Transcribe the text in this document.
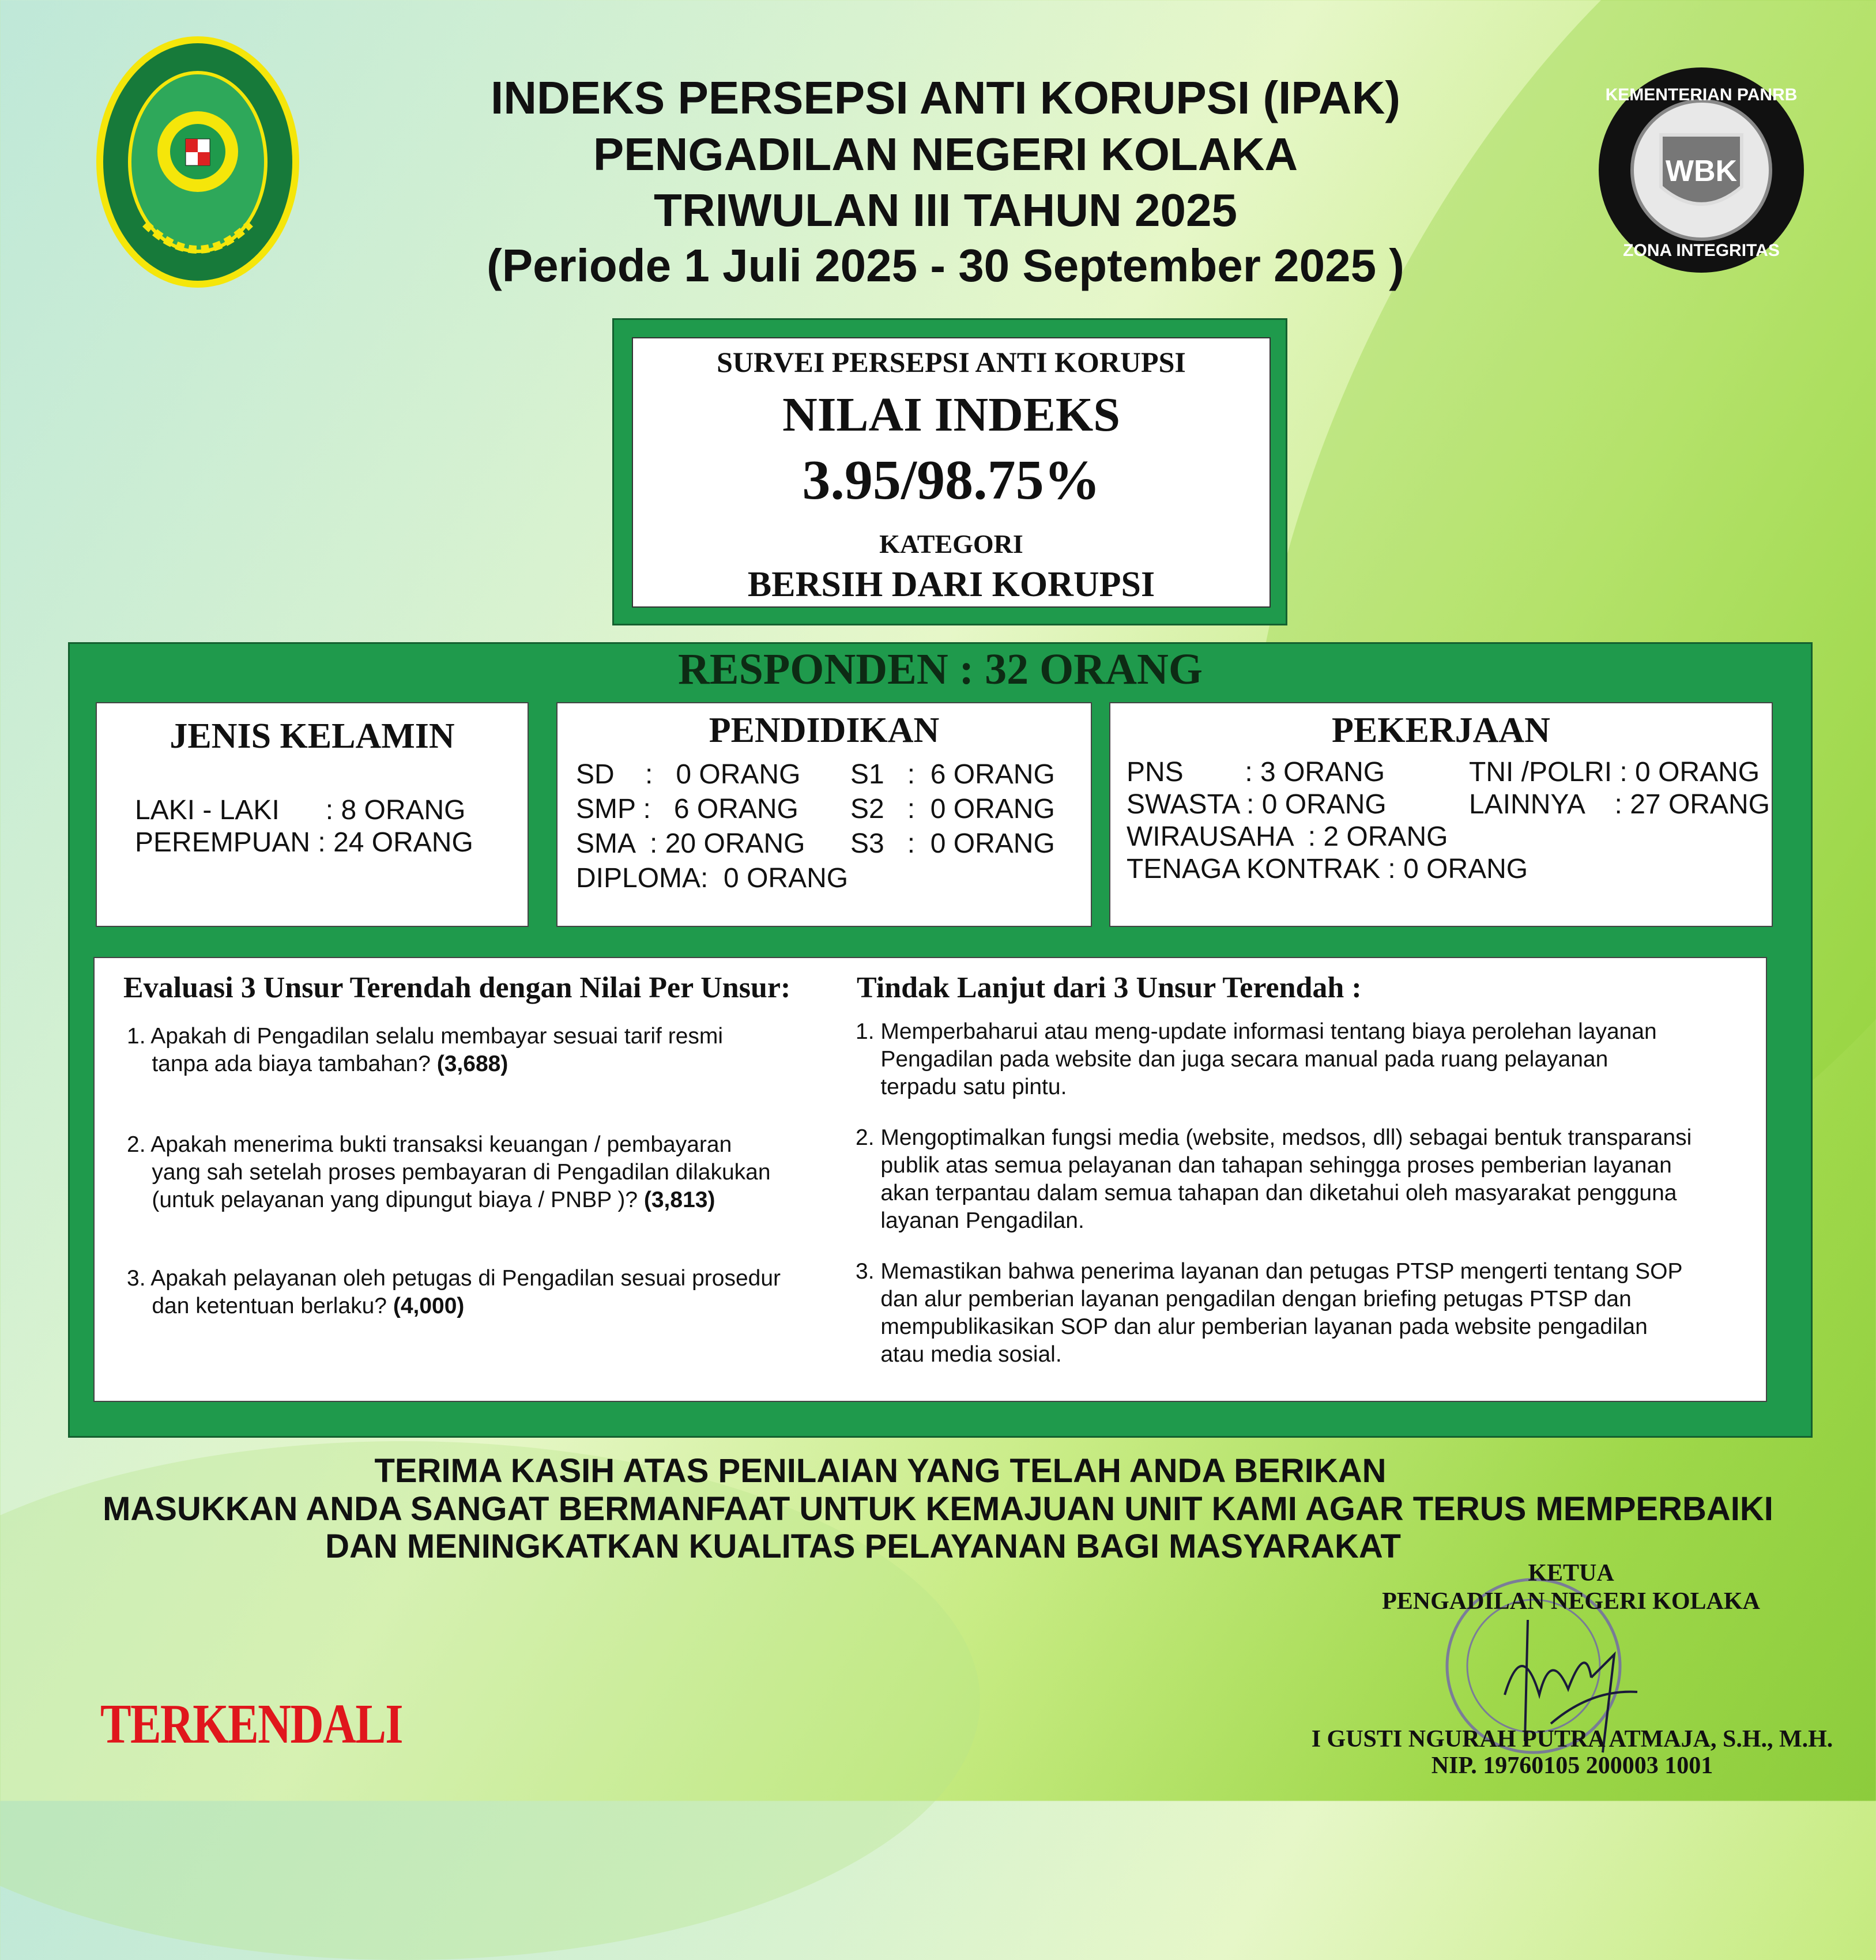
WBK
KEMENTERIAN PANRB
ZONA INTEGRITAS
INDEKS PERSEPSI ANTI KORUPSI (IPAK)
PENGADILAN NEGERI KOLAKA
TRIWULAN III TAHUN 2025
(Periode 1 Juli 2025 - 30 September 2025 )
SURVEI PERSEPSI ANTI KORUPSI
NILAI INDEKS
3.95/98.75%
KATEGORI
BERSIH DARI KORUPSI
RESPONDEN : 32 ORANG
JENIS KELAMIN
LAKI - LAKI      : 8 ORANG
PEREMPUAN : 24 ORANG
PENDIDIKAN
SD    :   0 ORANG
SMP :   6 ORANG
SMA  : 20 ORANG
DIPLOMA:  0 ORANG
S1   :  6 ORANG
S2   :  0 ORANG
S3   :  0 ORANG
PEKERJAAN
PNS        : 3 ORANG
SWASTA : 0 ORANG
WIRAUSAHA  : 2 ORANG
TENAGA KONTRAK : 0 ORANG
TNI /POLRI : 0 ORANG
LAINNYA    : 27 ORANG
Evaluasi 3 Unsur Terendah dengan Nilai Per Unsur:
1. Apakah di Pengadilan selalu membayar sesuai tarif resmi
tanpa ada biaya tambahan? (3,688)
2. Apakah menerima bukti transaksi keuangan / pembayaran
yang sah setelah proses pembayaran di Pengadilan dilakukan
(untuk pelayanan yang dipungut biaya / PNBP )? (3,813)
3. Apakah pelayanan oleh petugas di Pengadilan sesuai prosedur
dan ketentuan berlaku? (4,000)
Tindak Lanjut dari 3 Unsur Terendah :
1. Memperbaharui atau meng-update informasi tentang biaya perolehan layanan
Pengadilan pada website dan juga secara manual pada ruang pelayanan
terpadu satu pintu.
2. Mengoptimalkan fungsi media (website, medsos, dll) sebagai bentuk transparansi
publik atas semua pelayanan dan tahapan sehingga proses pemberian layanan
akan terpantau dalam semua tahapan dan diketahui oleh masyarakat pengguna
layanan Pengadilan.
3. Memastikan bahwa penerima layanan dan petugas PTSP mengerti tentang SOP
dan alur pemberian layanan pengadilan dengan briefing petugas PTSP dan
mempublikasikan SOP dan alur pemberian layanan pada website pengadilan
atau media sosial.
TERIMA KASIH ATAS PENILAIAN YANG TELAH ANDA BERIKAN
MASUKKAN ANDA SANGAT BERMANFAAT UNTUK KEMAJUAN UNIT KAMI AGAR TERUS MEMPERBAIKI
DAN MENINGKATKAN KUALITAS PELAYANAN BAGI MASYARAKAT
TERKENDALI
KETUA
PENGADILAN NEGERI KOLAKA
I GUSTI NGURAH PUTRA ATMAJA, S.H., M.H.
NIP. 19760105 200003 1001
